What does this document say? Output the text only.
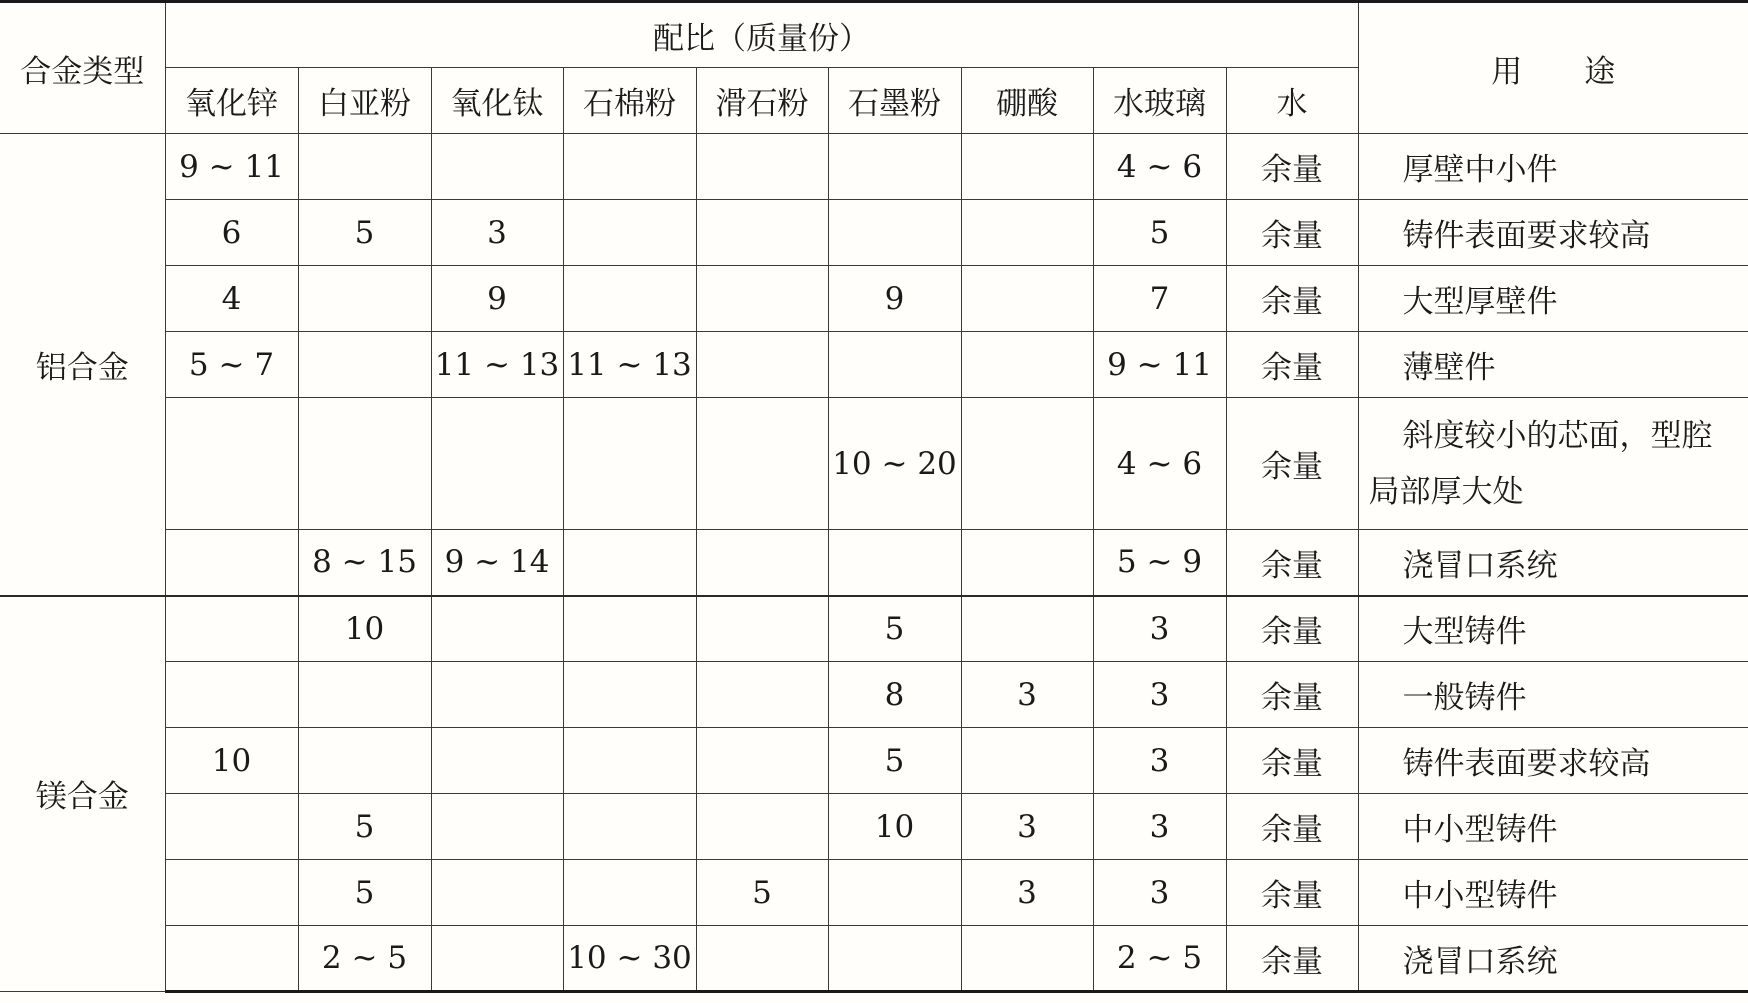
合金类型	配比（质量份）									用 途
	氧化锌	白亚粉	氧化钛	石棉粉	滑石粉	石墨粉	硼酸	水玻璃	水	
铝合金	9 ~ 11							4 ~ 6	余量	厚壁中小件
	6	5	3					5	余量	铸件表面要求较高
	4		9			9		7	余量	大型厚壁件
	5 ~ 7		11 ~ 13	11 ~ 13				9 ~ 11	余量	薄壁件
						10 ~ 20		4 ~ 6	余量	斜度较小的芯面，型腔
局部厚大处

		8 ~ 15	9 ~ 14					5 ~ 9	余量	浇冒口系统
镁合金		10				5		3	余量	大型铸件
						8	3	3	余量	一般铸件
	10					5		3	余量	铸件表面要求较高
		5				10	3	3	余量	中小型铸件
		5			5		3	3	余量	中小型铸件
		2 ~ 5		10 ~ 30				2 ~ 5	余量	浇冒口系统
